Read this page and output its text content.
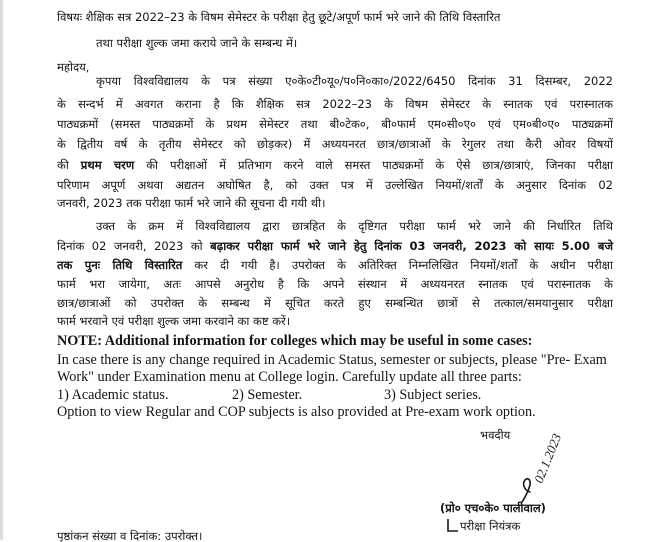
विषयः शैक्षिक सत्र 2022–23 के विषम सेमेस्टर के परीक्षा हेतु छूटे/अपूर्ण फार्म भरे जाने की तिथि विस्तारित
तथा परीक्षा शुल्क जमा कराये जाने के सम्बन्ध में।
महोदय,
कृपया विश्वविद्यालय के पत्र संख्या ए०के०टी०यू०/प०नि०का०/2022/6450 दिनांक 31 दिसम्बर, 2022
के सन्दर्भ में अवगत कराना है कि शैक्षिक सत्र 2022–23 के विषम सेमेस्टर के स्नातक एवं परास्नातक
पाठ्यक्रमों (समस्त पाठ्यक्रमों के प्रथम सेमेस्टर तथा बी०टेक०, बी०फार्म एम०सी०ए० एवं एम०बी०ए० पाठ्यक्रमों
के द्वितीय वर्ष के तृतीय सेमेस्टर को छोड़कर) में अध्ययनरत छात्र/छात्राओं के रेगुलर तथा कैरी ओवर विषयों
की प्रथम चरण की परीक्षाओं में प्रतिभाग करने वाले समस्त पाठ्यक्रमों के ऐसे छात्र/छात्राएं, जिनका परीक्षा
परिणाम अपूर्ण अथवा अद्यतन अघोषित है, को उक्त पत्र में उल्लेखित नियमों/शर्तों के अनुसार दिनांक 02
जनवरी, 2023 तक परीक्षा फार्म भरे जाने की सूचना दी गयी थी।
उक्त के क्रम में विश्वविद्यालय द्वारा छात्रहित के दृष्टिगत परीक्षा फार्म भरे जाने की निर्धारित तिथि
दिनांक 02 जनवरी, 2023 को बढ़ाकर परीक्षा फार्म भरे जाने हेतु दिनांक 03 जनवरी, 2023 को सायः 5.00 बजे
तक पुनः तिथि विस्तारित कर दी गयी है। उपरोक्त के अतिरिक्त निम्नलिखित नियमों/शर्तों के अधीन परीक्षा
फार्म भरा जायेगा, अतः आपसे अनुरोध है कि अपने संस्थान में अध्ययनरत स्नातक एवं परास्नातक के
छात्र/छात्राओं को उपरोक्त के सम्बन्ध में सूचित करते हुए सम्बन्धित छात्रों से तत्काल/समयानुसार परीक्षा
फार्म भरवाने एवं परीक्षा शुल्क जमा करवाने का कष्ट करें।
NOTE: Additional information for colleges which may be useful in some cases:
In case there is any change required in Academic Status, semester or subjects, please "Pre- Exam
Work" under Examination menu at College login. Carefully update all three parts:
1) Academic status.	2) Semester.	3) Subject series.
Option to view Regular and COP subjects is also provided at Pre-exam work option.
भवदीय 02.1.2023
(प्रो० एच०के० पालीवाल)
परीक्षा नियंत्रक
पृष्ठांकन संख्या व दिनांक: उपरोक्त।
